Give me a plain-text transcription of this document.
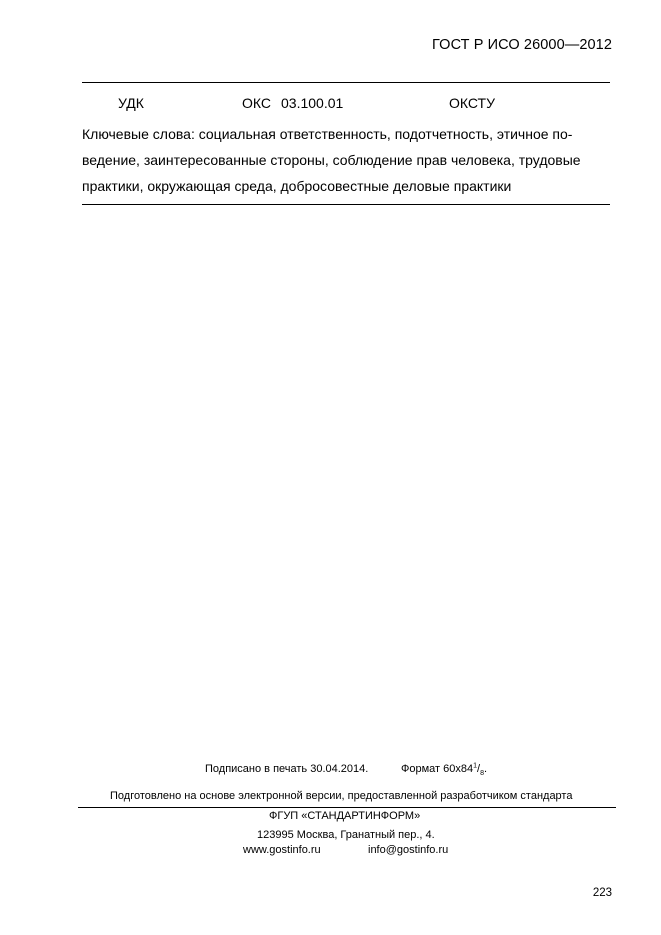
ГОСТ Р ИСО 26000—2012
УДК	ОКС 03.100.01	ОКСТУ

Ключевые слова: социальная ответственность, подотчетность, этичное по-

ведение, заинтересованные стороны, соблюдение прав человека, трудовые

практики, окружающая среда, добросовестные деловые практики

Подписано в печать 30.04.2014.	Формат $60х84^1/_8$.
Подготовлено на основе электронной версии, предоставленной разработчиком стандарта
ФГУП «СТАНДАРТИНФОРМ»
123995 Москва, Гранатный пер., 4.
www.gostinfo.ru	info@gostinfo.ru
223
